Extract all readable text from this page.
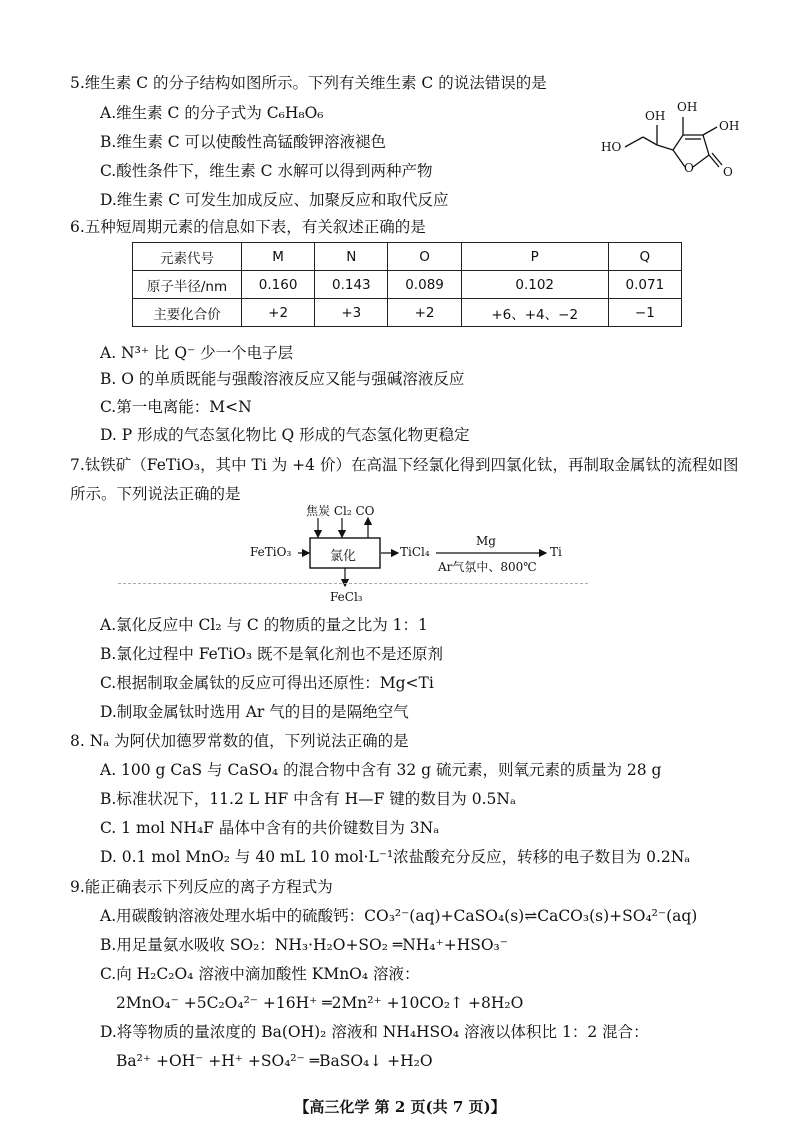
5.维生素 C 的分子结构如图所示。下列有关维生素 C 的说法错误的是
A.维生素 C 的分子式为 C₆H₈O₆
B.维生素 C 可以使酸性高锰酸钾溶液褪色
C.酸性条件下，维生素 C 水解可以得到两种产物
D.维生素 C 可发生加成反应、加聚反应和取代反应
OH
OH
OH
HO
O O
6.五种短周期元素的信息如下表，有关叙述正确的是
元素代号	M	N	O	P	Q
原子半径/nm	0.160	0.143	0.089	0.102	0.071
主要化合价	+2	+3	+2	+6、+4、−2	−1
A. N³⁺ 比 Q⁻ 少一个电子层
B. O 的单质既能与强酸溶液反应又能与强碱溶液反应
C.第一电离能：M<N
D. P 形成的气态氢化物比 Q 形成的气态氢化物更稳定
7.钛铁矿（FeTiO₃，其中 Ti 为 +4 价）在高温下经氯化得到四氯化钛，再制取金属钛的流程如图
所示。下列说法正确的是
焦炭 Cl₂ CO
FeTiO₃	氯化	TiCl₄
Mg
Ar气氛中、800℃
Ti
FeCl₃
A.氯化反应中 Cl₂ 与 C 的物质的量之比为 1：1
B.氯化过程中 FeTiO₃ 既不是氧化剂也不是还原剂
C.根据制取金属钛的反应可得出还原性：Mg<Ti
D.制取金属钛时选用 Ar 气的目的是隔绝空气
8. Nₐ 为阿伏加德罗常数的值，下列说法正确的是
A. 100 g CaS 与 CaSO₄ 的混合物中含有 32 g 硫元素，则氧元素的质量为 28 g
B.标准状况下，11.2 L HF 中含有 H—F 键的数目为 0.5Nₐ
C. 1 mol NH₄F 晶体中含有的共价键数目为 3Nₐ
D. 0.1 mol MnO₂ 与 40 mL 10 mol·L⁻¹浓盐酸充分反应，转移的电子数目为 0.2Nₐ
9.能正确表示下列反应的离子方程式为
A.用碳酸钠溶液处理水垢中的硫酸钙：CO₃²⁻(aq)+CaSO₄(s)⇌CaCO₃(s)+SO₄²⁻(aq)
B.用足量氨水吸收 SO₂：NH₃·H₂O+SO₂ ═NH₄⁺+HSO₃⁻
C.向 H₂C₂O₄ 溶液中滴加酸性 KMnO₄ 溶液：
2MnO₄⁻ +5C₂O₄²⁻ +16H⁺ ═2Mn²⁺ +10CO₂↑ +8H₂O
D.将等物质的量浓度的 Ba(OH)₂ 溶液和 NH₄HSO₄ 溶液以体积比 1：2 混合：
Ba²⁺ +OH⁻ +H⁺ +SO₄²⁻ ═BaSO₄↓ +H₂O
【高三化学 第 2 页(共 7 页)】
